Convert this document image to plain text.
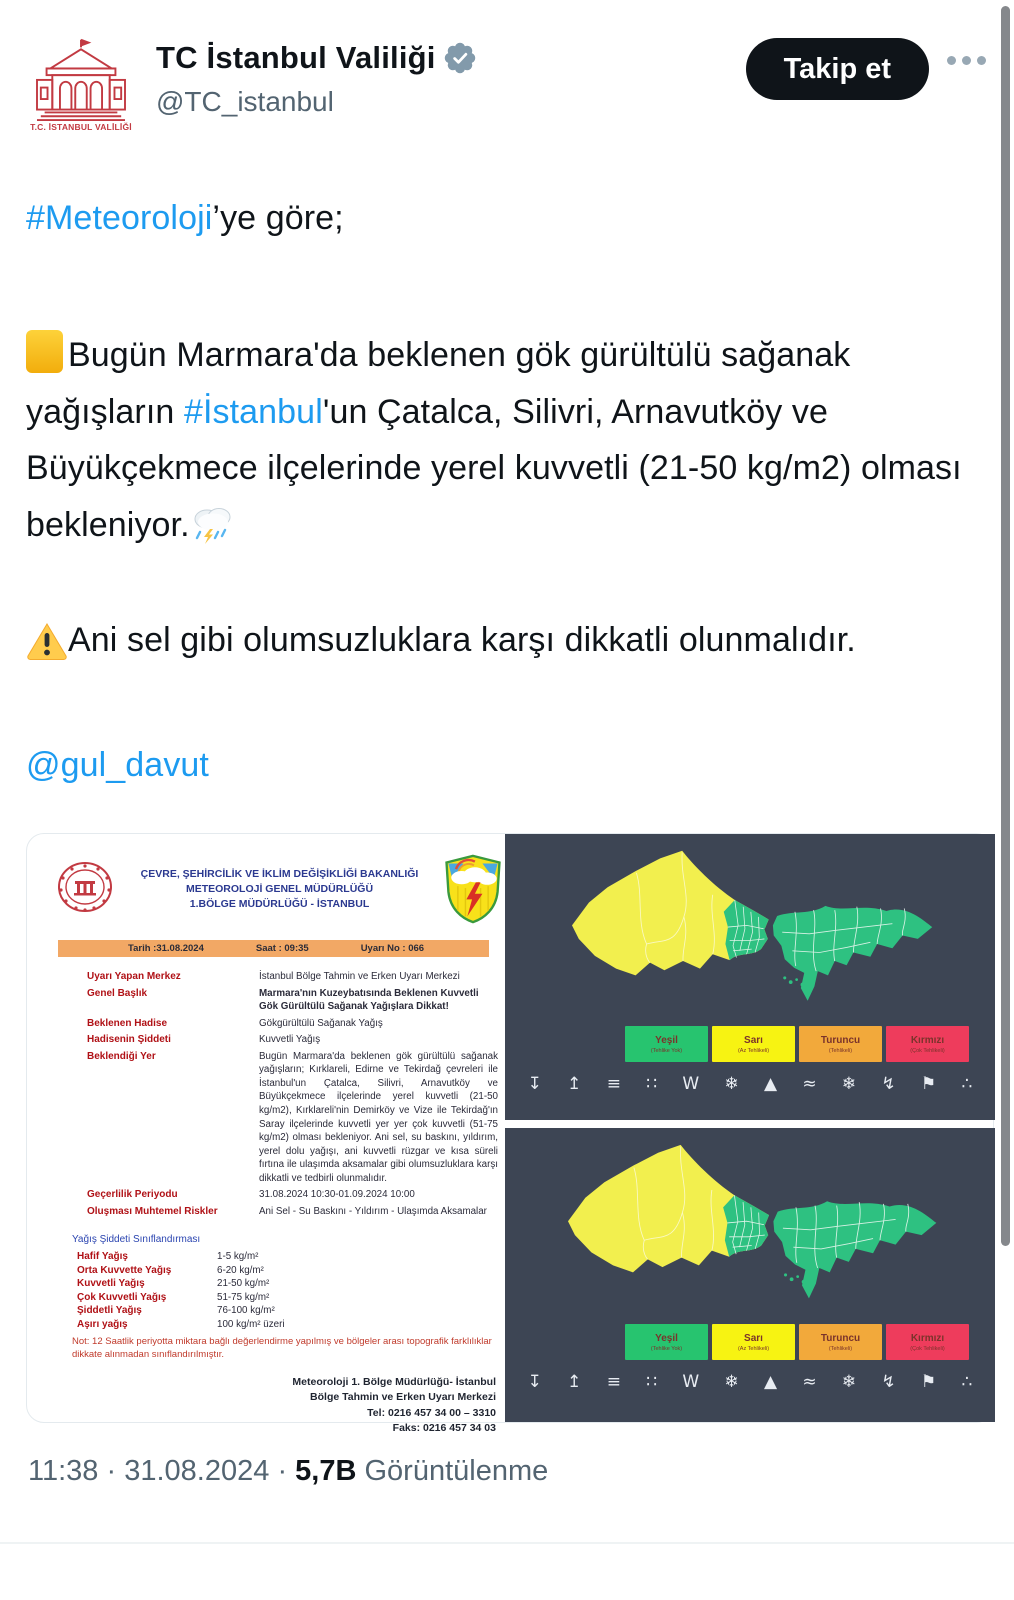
T.C. İSTANBUL VALİLİĞİ
TC İstanbul Valiliği
@TC_istanbul
Takip et

#Meteoroloji’ye göre;

Bugün Marmara'da beklenen gök gürültülü sağanak yağışların #İstanbul'un Çatalca, Silivri, Arnavutköy ve Büyükçekmece ilçelerinde yerel kuvvetli (21-50 kg/m2) olması bekleniyor.

Ani sel gibi olumsuzluklara karşı dikkatli olunmalıdır.

@gul_davut

ÇEVRE, ŞEHİRCİLİK VE İKLİM DEĞİŞİKLİĞİ BAKANLIĞI
METEOROLOJİ GENEL MÜDÜRLÜĞÜ
1.BÖLGE MÜDÜRLÜĞÜ - İSTANBUL
Tarih :31.08.2024	Saat : 09:35	Uyarı No : 066
Uyarı Yapan Merkez	İstanbul Bölge Tahmin ve Erken Uyarı Merkezi
Genel Başlık	Marmara'nın Kuzeybatısında Beklenen Kuvvetli Gök Gürültülü Sağanak Yağışlara Dikkat!
Beklenen Hadise	Gökgürültülü Sağanak Yağış
Hadisenin Şiddeti	Kuvvetli Yağış
Beklendiği Yer	Bugün Marmara'da beklenen gök gürültülü sağanak yağışların; Kırklareli, Edirne ve Tekirdağ çevreleri ile İstanbul'un Çatalca, Silivri, Arnavutköy ve Büyükçekmece ilçelerinde yerel kuvvetli (21-50 kg/m2), Kırklareli'nin Demirköy ve Vize ile Tekirdağ'ın Saray ilçelerinde kuvvetli yer yer çok kuvvetli (51-75 kg/m2) olması bekleniyor. Ani sel, su baskını, yıldırım, yerel dolu yağışı, ani kuvvetli rüzgar ve kısa süreli fırtına ile ulaşımda aksamalar gibi olumsuzluklara karşı dikkatli ve tedbirli olunmalıdır.
Geçerlilik Periyodu	31.08.2024 10:30-01.09.2024 10:00
Oluşması Muhtemel Riskler	Ani Sel - Su Baskını - Yıldırım - Ulaşımda Aksamalar
Yağış Şiddeti Sınıflandırması
Hafif Yağış	1-5 kg/m²
Orta Kuvvette Yağış	6-20 kg/m²
Kuvvetli Yağış	21-50 kg/m²
Çok Kuvvetli Yağış	51-75 kg/m²
Şiddetli Yağış	76-100 kg/m²
Aşırı yağış	100 kg/m² üzeri
Not: 12 Saatlik periyotta miktara bağlı değerlendirme yapılmış ve bölgeler arası topografik farklılıklar dikkate alınmadan sınıflandırılmıştır.
Meteoroloji 1. Bölge Müdürlüğü- İstanbul
Bölge Tahmin ve Erken Uyarı Merkezi
Tel: 0216 457 34 00 – 3310
Faks: 0216 457 34 03
Yeşil
(Tehlike Yok)
Sarı
(Az Tehlikeli)
Turuncu
(Tehlikeli)
Kırmızı
(Çok Tehlikeli)
↧ ↥ ≡ ∷ W ❄ ▲ ≈ ❄ ↯ ⚑ ∴
Yeşil
(Tehlike Yok)
Sarı
(Az Tehlikeli)
Turuncu
(Tehlikeli)
Kırmızı
(Çok Tehlikeli)
↧ ↥ ≡ ∷ W ❄ ▲ ≈ ❄ ↯ ⚑ ∴
11:38 · 31.08.2024 · 5,7B Görüntülenme
